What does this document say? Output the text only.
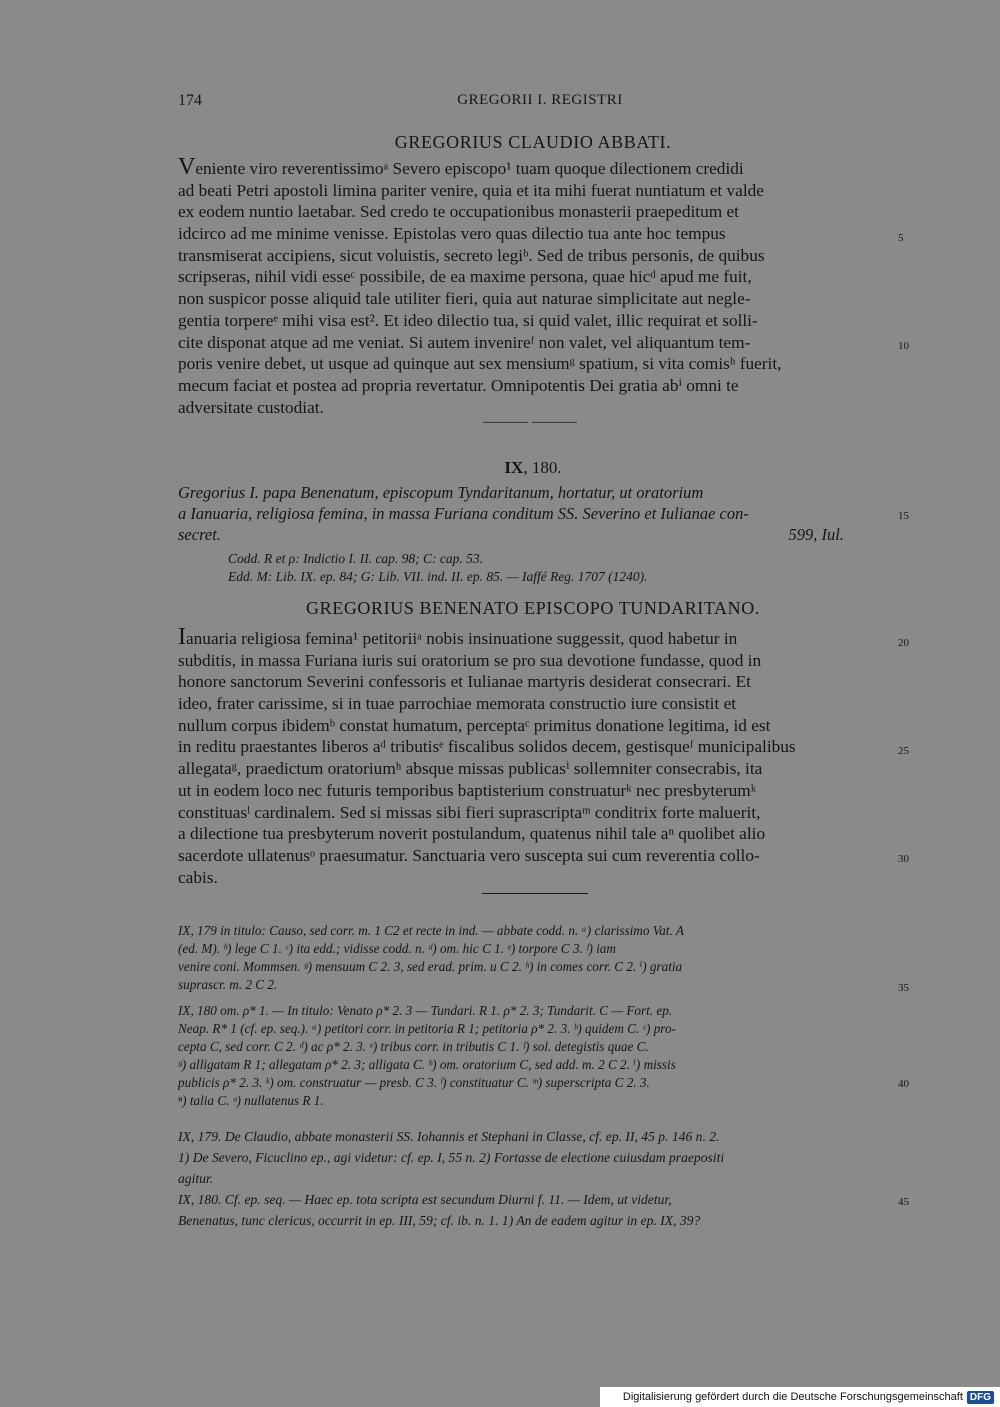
174	GREGORII I. REGISTRI
GREGORIUS CLAUDIO ABBATI.
Veniente viro reverentissimoᵃ Severo episcopo¹ tuam quoque dilectionem credidi
ad beati Petri apostoli limina pariter venire, quia et ita mihi fuerat nuntiatum et valde
ex eodem nuntio laetabar. Sed credo te occupationibus monasterii praepeditum et
idcirco ad me minime venisse. Epistolas vero quas dilectio tua ante hoc tempus
transmiserat accipiens, sicut voluistis, secreto legiᵇ. Sed de tribus personis, de quibus
scripseras, nihil vidi esseᶜ possibile, de ea maxime persona, quae hicᵈ apud me fuit,
non suspicor posse aliquid tale utiliter fieri, quia aut naturae simplicitate aut negle-
gentia torpereᵉ mihi visa est². Et ideo dilectio tua, si quid valet, illic requirat et solli-
cite disponat atque ad me veniat. Si autem invenireᶠ non valet, vel aliquantum tem-
poris venire debet, ut usque ad quinque aut sex mensiumᵍ spatium, si vita comisʰ fuerit,
mecum faciat et postea ad propria revertatur. Omnipotentis Dei gratia abⁱ omni te
adversitate custodiat.
——— ———
IX, 180.
Gregorius I. papa Benenatum, episcopum Tyndaritanum, hortatur, ut oratorium
a Ianuaria, religiosa femina, in massa Furiana conditum SS. Severino et Iulianae con-
secret.	599, Iul.
Codd. R et ρ: Indictio I. II. cap. 98; C: cap. 53.
Edd. M: Lib. IX. ep. 84; G: Lib. VII. ind. II. ep. 85. — Iaffé Reg. 1707 (1240).
GREGORIUS BENENATO EPISCOPO TUNDARITANO.
Ianuaria religiosa femina¹ petitoriiᵃ nobis insinuatione suggessit, quod habetur in
subditis, in massa Furiana iuris sui oratorium se pro sua devotione fundasse, quod in
honore sanctorum Severini confessoris et Iulianae martyris desiderat consecrari. Et
ideo, frater carissime, si in tuae parrochiae memorata constructio iure consistit et
nullum corpus ibidemᵇ constat humatum, perceptaᶜ primitus donatione legitima, id est
in reditu praestantes liberos aᵈ tributisᵉ fiscalibus solidos decem, gestisqueᶠ municipalibus
allegataᵍ, praedictum oratoriumʰ absque missas publicasⁱ sollemniter consecrabis, ita
ut in eodem loco nec futuris temporibus baptisterium construaturᵏ nec presbyterumᵏ
constituasˡ cardinalem. Sed si missas sibi fieri suprascriptaᵐ conditrix forte maluerit,
a dilectione tua presbyterum noverit postulandum, quatenus nihil tale aⁿ quolibet alio
sacerdote ullatenusᵒ praesumatur. Sanctuaria vero suscepta sui cum reverentia collo-
cabis.
IX, 179 in titulo: Causo, sed corr. m. 1 C2 et recte in ind. — abbate codd. n. ᵃ) clarissimo Vat. A
(ed. M). ᵇ) lege C 1. ᶜ) ita edd.; vidisse codd. n. ᵈ) om. hic C 1. ᵉ) torpore C 3. ᶠ) iam
venire coni. Mommsen. ᵍ) mensuum C 2. 3, sed erad. prim. u C 2. ʰ) in comes corr. C 2. ⁱ) gratia
suprascr. m. 2 C 2.
IX, 180 om. ρ* 1. — In titulo: Venato ρ* 2. 3 — Tundari. R 1. ρ* 2. 3; Tundarit. C — Fort. ep.
Neap. R* 1 (cf. ep. seq.). ᵃ) petitori corr. in petitoria R 1; petitoria ρ* 2. 3. ᵇ) quidem C. ᶜ) pro-
cepta C, sed corr. C 2. ᵈ) ac ρ* 2. 3. ᵉ) tribus corr. in tributis C 1. ᶠ) sol. detegistis quae C.
ᵍ) alligatam R 1; allegatam ρ* 2. 3; alligata C. ʰ) om. oratorium C, sed add. m. 2 C 2. ⁱ) missis
publicis ρ* 2. 3. ᵏ) om. construatur — presb. C 3. ˡ) constituatur C. ᵐ) superscripta C 2. 3.
ⁿ) talia C. ᵒ) nullatenus R 1.
IX, 179. De Claudio, abbate monasterii SS. Iohannis et Stephani in Classe, cf. ep. II, 45 p. 146 n. 2.
1) De Severo, Ficuclino ep., agi videtur: cf. ep. I, 55 n. 2) Fortasse de electione cuiusdam praepositi
agitur.
IX, 180. Cf. ep. seq. — Haec ep. tota scripta est secundum Diurni f. 11. — Idem, ut videtur,
Benenatus, tunc clericus, occurrit in ep. III, 59; cf. ib. n. 1. 1) An de eadem agitur in ep. IX, 39?
5
10
15
20
25
30
35
40
45
Digitalisierung gefördert durch die Deutsche Forschungsgemeinschaft DFG
